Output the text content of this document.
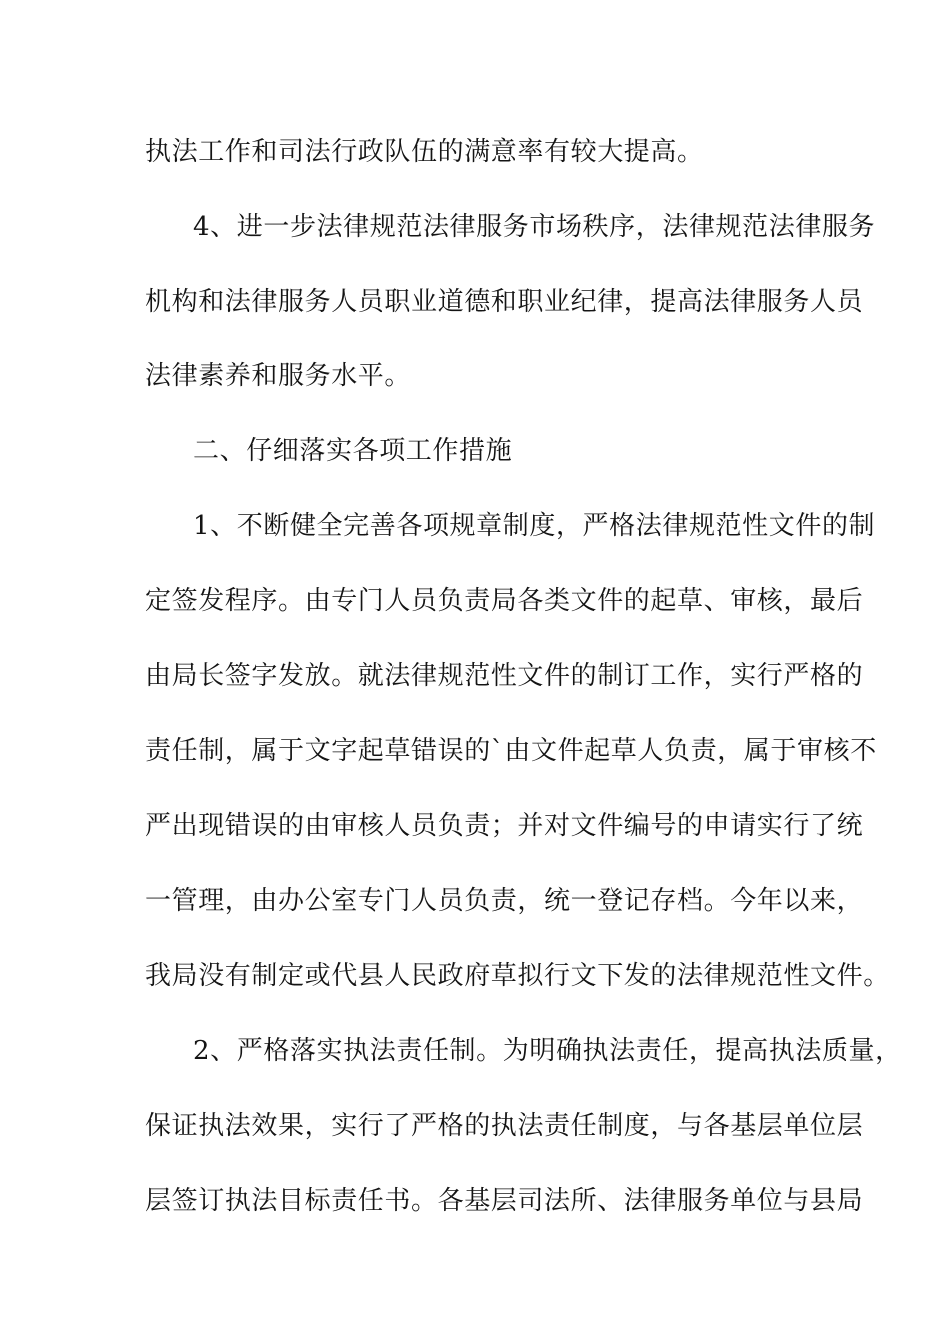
执法工作和司法行政队伍的满意率有较大提高。
4、进一步法律规范法律服务市场秩序，法律规范法律服务
机构和法律服务人员职业道德和职业纪律，提高法律服务人员
法律素养和服务水平。
二、仔细落实各项工作措施
1、不断健全完善各项规章制度，严格法律规范性文件的制
定签发程序。由专门人员负责局各类文件的起草、审核，最后
由局长签字发放。就法律规范性文件的制订工作，实行严格的
责任制，属于文字起草错误的`由文件起草人负责，属于审核不
严出现错误的由审核人员负责；并对文件编号的申请实行了统
一管理，由办公室专门人员负责，统一登记存档。今年以来，
我局没有制定或代县人民政府草拟行文下发的法律规范性文件。
2、严格落实执法责任制。为明确执法责任，提高执法质量，
保证执法效果，实行了严格的执法责任制度，与各基层单位层
层签订执法目标责任书。各基层司法所、法律服务单位与县局
